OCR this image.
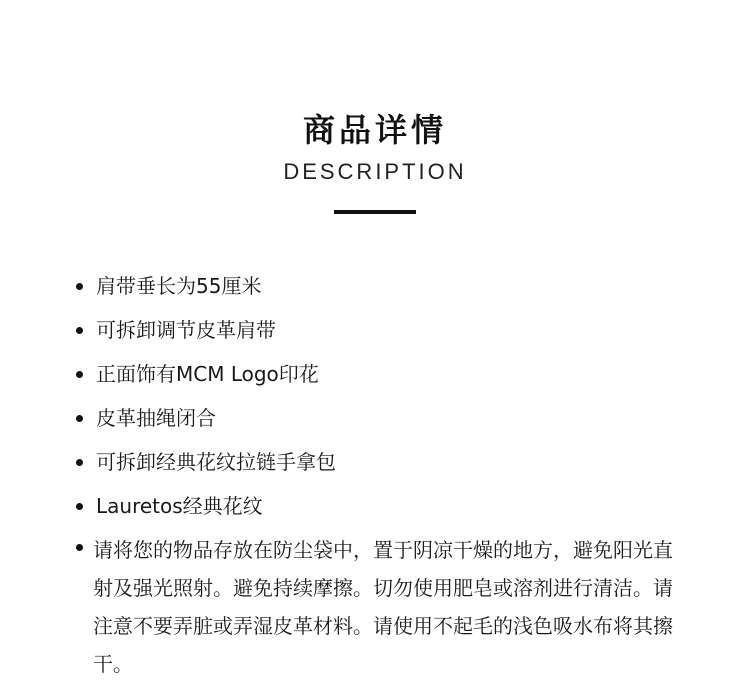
商品详情
DESCRIPTION
肩带垂长为55厘米
可拆卸调节皮革肩带
正面饰有MCM Logo印花
皮革抽绳闭合
可拆卸经典花纹拉链手拿包
Lauretos经典花纹

请将您的物品存放在防尘袋中，置于阴凉干燥的地方，避免阳光直射及强光照射。避免持续摩擦。切勿使用肥皂或溶剂进行清洁。请注意不要弄脏或弄湿皮革材料。请使用不起毛的浅色吸水布将其擦干。
